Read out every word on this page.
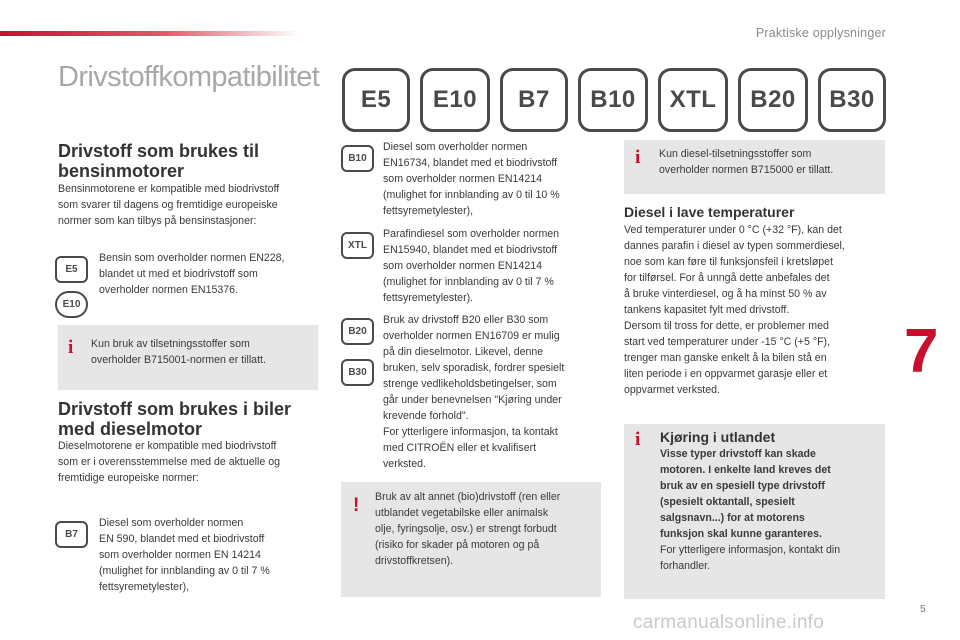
Praktiske opplysninger
Drivstoffkompatibilitet
E5	E10	B7	B10	XTL	B20	B30
Drivstoff som brukes til
bensinmotorer
Bensinmotorene er kompatible med biodrivstoff
som svarer til dagens og fremtidige europeiske
normer som kan tilbys på bensinstasjoner:
E5
E10
Bensin som overholder normen EN228,
blandet ut med et biodrivstoff som
overholder normen EN15376.
i Kun bruk av tilsetningsstoffer som
overholder B715001-normen er tillatt.
Drivstoff som brukes i biler
med dieselmotor
Dieselmotorene er kompatible med biodrivstoff
som er i overensstemmelse med de aktuelle og
fremtidige europeiske normer:
B7
Diesel som overholder normen
EN 590, blandet med et biodrivstoff
som overholder normen EN 14214
(mulighet for innblanding av 0 til 7 %
fettsyremetylester),
B10
Diesel som overholder normen
EN16734, blandet med et biodrivstoff
som overholder normen EN14214
(mulighet for innblanding av 0 til 10 %
fettsyremetylester),
XTL
Parafindiesel som overholder normen
EN15940, blandet med et biodrivstoff
som overholder normen EN14214
(mulighet for innblanding av 0 til 7 %
fettsyremetylester).
B20
B30
Bruk av drivstoff B20 eller B30 som
overholder normen EN16709 er mulig
på din dieselmotor. Likevel, denne
bruken, selv sporadisk, fordrer spesielt
strenge vedlikeholdsbetingelser, som
går under benevnelsen "Kjøring under
krevende forhold".
For ytterligere informasjon, ta kontakt
med CITROËN eller et kvalifisert
verksted.
! Bruk av alt annet (bio)drivstoff (ren eller
utblandet vegetabilske eller animalsk
olje, fyringsolje, osv.) er strengt forbudt
(risiko for skader på motoren og på
drivstoffkretsen).
i Kun diesel-tilsetningsstoffer som
overholder normen B715000 er tillatt.
Diesel i lave temperaturer
Ved temperaturer under 0 °C (+32 °F), kan det
dannes parafin i diesel av typen sommerdiesel,
noe som kan føre til funksjonsfeil i kretsløpet
for tilførsel. For å unngå dette anbefales det
å bruke vinterdiesel, og å ha minst 50 % av
tankens kapasitet fylt med drivstoff.
Dersom til tross for dette, er problemer med
start ved temperaturer under -15 °C (+5 °F),
trenger man ganske enkelt å la bilen stå en
liten periode i en oppvarmet garasje eller et
oppvarmet verksted.
i Kjøring i utlandet
Visse typer drivstoff kan skade
motoren. I enkelte land kreves det
bruk av en spesiell type drivstoff
(spesielt oktantall, spesielt
salgsnavn...) for at motorens
funksjon skal kunne garanteres.
For ytterligere informasjon, kontakt din
forhandler.
7
5
carmanualsonline.info
